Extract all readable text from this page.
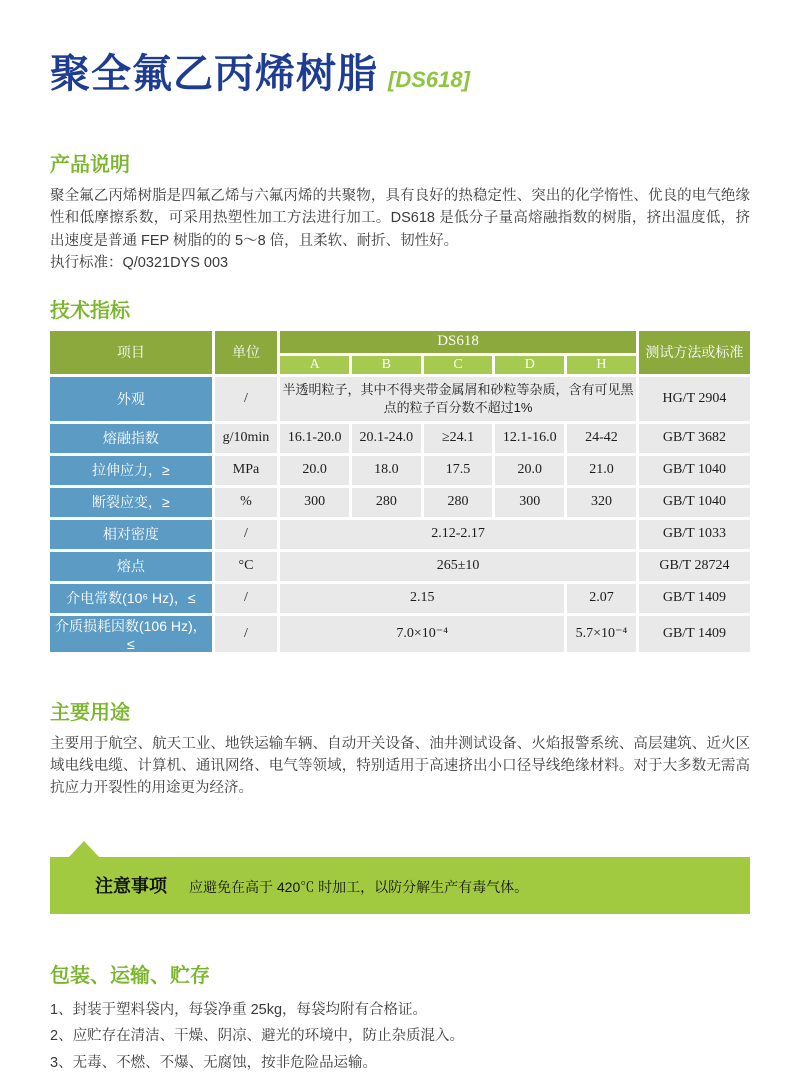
聚全氟乙丙烯树脂 [DS618]
产品说明
聚全氟乙丙烯树脂是四氟乙烯与六氟丙烯的共聚物，具有良好的热稳定性、突出的化学惰性、优良的电气绝缘性和低摩擦系数，可采用热塑性加工方法进行加工。DS618 是低分子量高熔融指数的树脂，挤出温度低，挤出速度是普通 FEP 树脂的的 5～8 倍，且柔软、耐折、韧性好。
执行标准：Q/0321DYS 003
技术指标
项目	单位	DS618					测试方法或标准
		A	B	C	D	H	
外观	/	半透明粒子，其中不得夹带金属屑和砂粒等杂质，含有可见黑点的粒子百分数不超过1%					HG/T 2904
熔融指数	g/10min	16.1-20.0	20.1-24.0	≥24.1	12.1-16.0	24-42	GB/T 3682
拉伸应力，≥	MPa	20.0	18.0	17.5	20.0	21.0	GB/T 1040
断裂应变，≥	%	300	280	280	300	320	GB/T 1040
相对密度	/	2.12-2.17					GB/T 1033
熔点	°C	265±10					GB/T 28724
介电常数(10⁶ Hz)，≤	/	2.15				2.07	GB/T 1409
介质损耗因数(106 Hz)，≤	/	7.0×10⁻⁴				5.7×10⁻⁴	GB/T 1409
主要用途
主要用于航空、航天工业、地铁运输车辆、自动开关设备、油井测试设备、火焰报警系统、高层建筑、近火区域电线电缆、计算机、通讯网络、电气等领域，特别适用于高速挤出小口径导线绝缘材料。对于大多数无需高抗应力开裂性的用途更为经济。
注意事项 应避免在高于 420℃ 时加工，以防分解生产有毒气体。
包装、运输、贮存
1、封装于塑料袋内，每袋净重 25kg，每袋均附有合格证。
2、应贮存在清洁、干燥、阴凉、避光的环境中，防止杂质混入。
3、无毒、不燃、不爆、无腐蚀，按非危险品运输。
